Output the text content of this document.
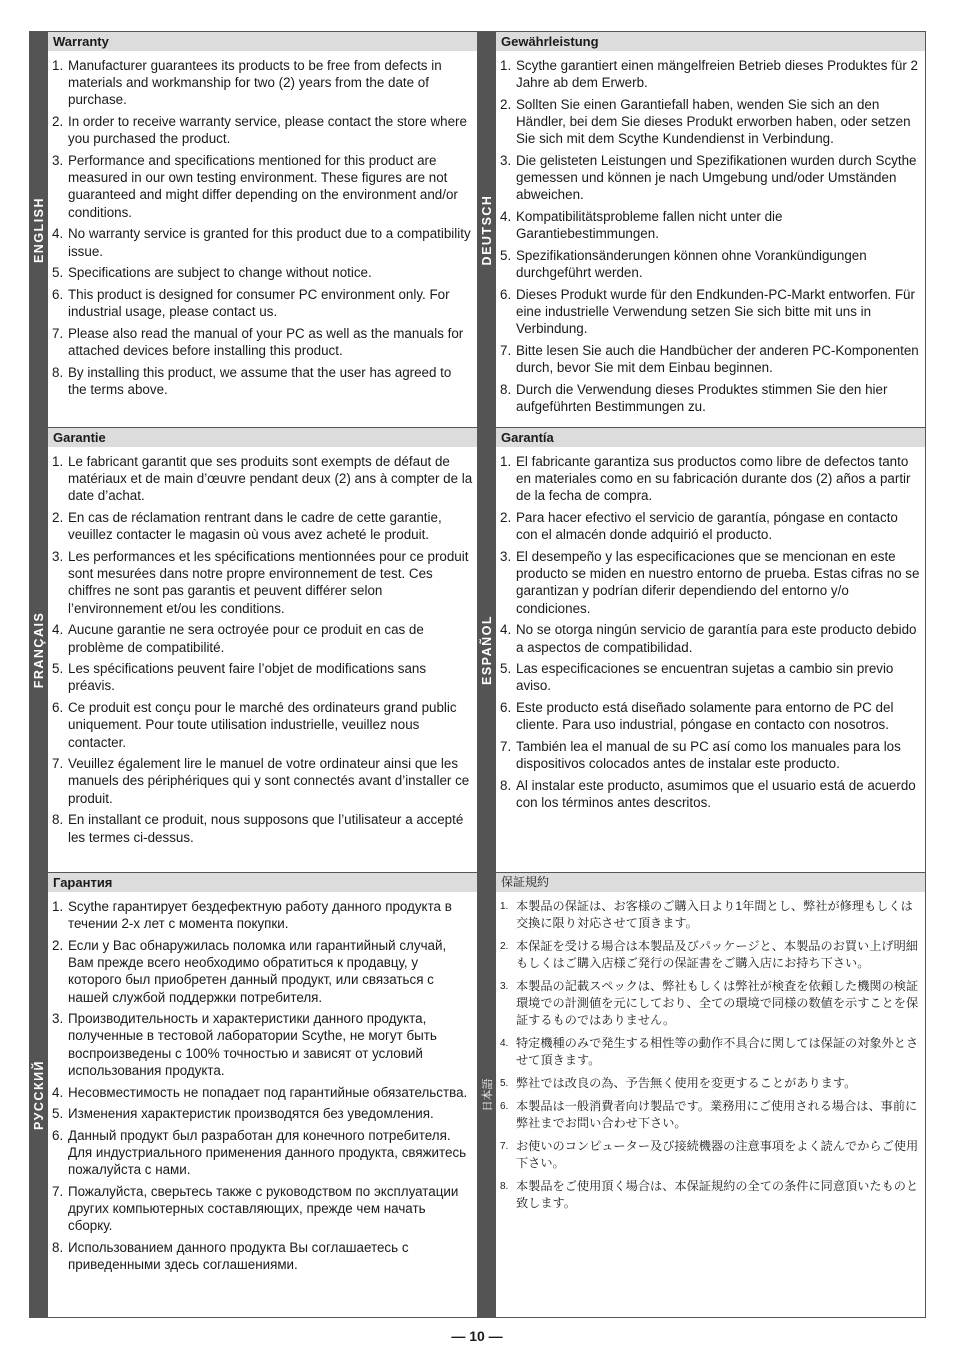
ENGLISH
Warranty
1. Manufacturer guarantees its products to be free from defects in materials and workmanship for two (2) years from the date of purchase.
2. In order to receive warranty service, please contact the store where you purchased the product.
3. Performance and specifications mentioned for this product are measured in our own testing environment. These figures are not guaranteed and might differ depending on the environment and/or conditions.
4. No warranty service is granted for this product due to a compatibility issue.
5. Specifications are subject to change without notice.
6. This product is designed for consumer PC environment only. For industrial usage, please contact us.
7. Please also read the manual of your PC as well as the manuals for attached devices before installing this product.
8. By installing this product, we assume that the user has agreed to the terms above.
DEUTSCH
Gewährleistung
1. Scythe garantiert einen mängelfreien Betrieb dieses Produktes für 2 Jahre ab dem Erwerb.
2. Sollten Sie einen Garantiefall haben, wenden Sie sich an den Händler, bei dem Sie dieses Produkt erworben haben, oder setzen Sie sich mit dem Scythe Kundendienst in Verbindung.
3. Die gelisteten Leistungen und Spezifikationen wurden durch Scythe gemessen und können je nach Umgebung und/oder Umständen abweichen.
4. Kompatibilitätsprobleme fallen nicht unter die Garantiebestimmungen.
5. Spezifikationsänderungen können ohne Vorankündigungen durchgeführt werden.
6. Dieses Produkt wurde für den Endkunden-PC-Markt entworfen. Für eine industrielle Verwendung setzen Sie sich bitte mit uns in Verbindung.
7. Bitte lesen Sie auch die Handbücher der anderen PC-Komponenten durch, bevor Sie mit dem Einbau beginnen.
8. Durch die Verwendung dieses Produktes stimmen Sie den hier aufgeführten Bestimmungen zu.
FRANÇAIS
Garantie
1. Le fabricant garantit que ses produits sont exempts de défaut de matériaux et de main d’œuvre pendant deux (2) ans à compter de la date d’achat.
2. En cas de réclamation rentrant dans le cadre de cette garantie, veuillez contacter le magasin où vous avez acheté le produit.
3. Les performances et les spécifications mentionnées pour ce produit sont mesurées dans notre propre environnement de test. Ces chiffres ne sont pas garantis et peuvent différer selon l’environnement et/ou les conditions.
4. Aucune garantie ne sera octroyée pour ce produit en cas de problème de compatibilité.
5. Les spécifications peuvent faire l’objet de modifications sans préavis.
6. Ce produit est conçu pour le marché des ordinateurs grand public uniquement. Pour toute utilisation industrielle, veuillez nous contacter.
7. Veuillez également lire le manuel de votre ordinateur ainsi que les manuels des périphériques qui y sont connectés avant d’installer ce produit.
8. En installant ce produit, nous supposons que l’utilisateur a accepté les termes ci-dessus.
ESPAÑOL
Garantía
1. El fabricante garantiza sus productos como libre de defectos tanto en materiales como en su fabricación durante dos (2) años a partir de la fecha de compra.
2. Para hacer efectivo el servicio de garantía, póngase en contacto con el almacén donde adquirió el producto.
3. El desempeño y las especificaciones que se mencionan en este producto se miden en nuestro entorno de prueba. Estas cifras no se garantizan y podrían diferir dependiendo del entorno y/o condiciones.
4. No se otorga ningún servicio de garantía para este producto debido a aspectos de compatibilidad.
5. Las especificaciones se encuentran sujetas a cambio sin previo aviso.
6. Este producto está diseñado solamente para entorno de PC del cliente. Para uso industrial, póngase en contacto con nosotros.
7. También lea el manual de su PC así como los manuales para los dispositivos colocados antes de instalar este producto.
8. Al instalar este producto, asumimos que el usuario está de acuerdo con los términos antes descritos.
РУССКИЙ
Гарантия
1. Scythe гарантирует бездефектную работу данного продукта в течении 2-х лет с момента покупки.
2. Если у Вас обнаружилась поломка или гарантийный случай, Вам прежде всего необходимо обратиться к продавцу, у которого был приобретен данный продукт, или связаться с нашей службой поддержки потребителя.
3. Производительность и характеристики данного продукта, полученные в тестовой лаборатории Scythe, не могут быть воспроизведены с 100% точностью и зависят от условий использования продукта.
4. Несовместимость не попадает под гарантийные обязательства.
5. Изменения характеристик производятся без уведомления.
6. Данный продукт был разработан для конечного потребителя. Для индустриального применения данного продукта, свяжитесь пожалуйста с нами.
7. Пожалуйста, сверьтесь также с руководством по эксплуатации других компьютерных составляющих, прежде чем начать сборку.
8. Использованием данного продукта Вы соглашаетесь с приведенными здесь соглашениями.
日本語
保証規約
1. 本製品の保証は、お客様のご購入日より1年間とし、弊社が修理もしくは交換に限り対応させて頂きます。
2. 本保証を受ける場合は本製品及びパッケージと、本製品のお買い上げ明細もしくはご購入店様ご発行の保証書をご購入店にお持ち下さい。
3. 本製品の記載スペックは、弊社もしくは弊社が検査を依頼した機関の検証環境での計測値を元にしており、全ての環境で同様の数値を示すことを保証するものではありません。
4. 特定機種のみで発生する相性等の動作不具合に関しては保証の対象外とさせて頂きます。
5. 弊社では改良の為、予告無く使用を変更することがあります。
6. 本製品は一般消費者向け製品です。業務用にご使用される場合は、事前に弊社までお問い合わせ下さい。
7. お使いのコンピューター及び接続機器の注意事項をよく読んでからご使用下さい。
8. 本製品をご使用頂く場合は、本保証規約の全ての条件に同意頂いたものと致します。
— 10 —
